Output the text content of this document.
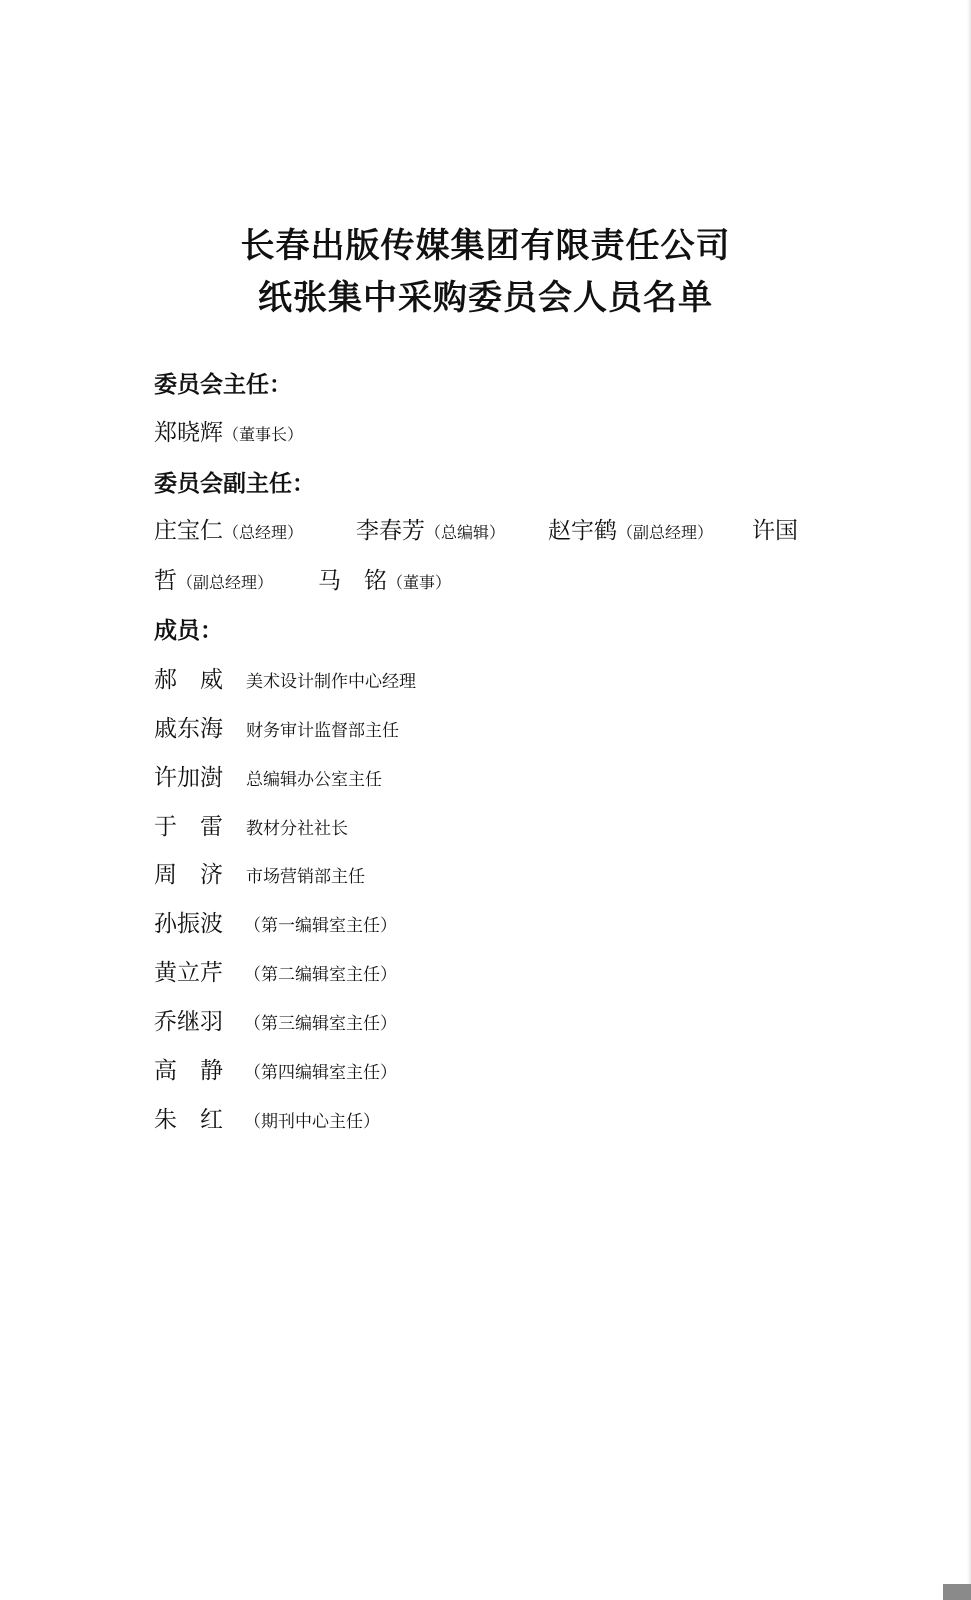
长春出版传媒集团有限责任公司
纸张集中采购委员会人员名单
委员会主任：
郑晓辉（董事长）
委员会副主任：
庄宝仁（总经理） 李春芳（总编辑） 赵宇鹤（副总经理） 许国
哲（副总经理） 马　铭（董事）
成员：
郝　威 美术设计制作中心经理
戚东海 财务审计监督部主任
许加澍 总编辑办公室主任
于　雷 教材分社社长
周　济 市场营销部主任
孙振波 （第一编辑室主任）
黄立芹 （第二编辑室主任）
乔继羽 （第三编辑室主任）
高　静 （第四编辑室主任）
朱　红 （期刊中心主任）
